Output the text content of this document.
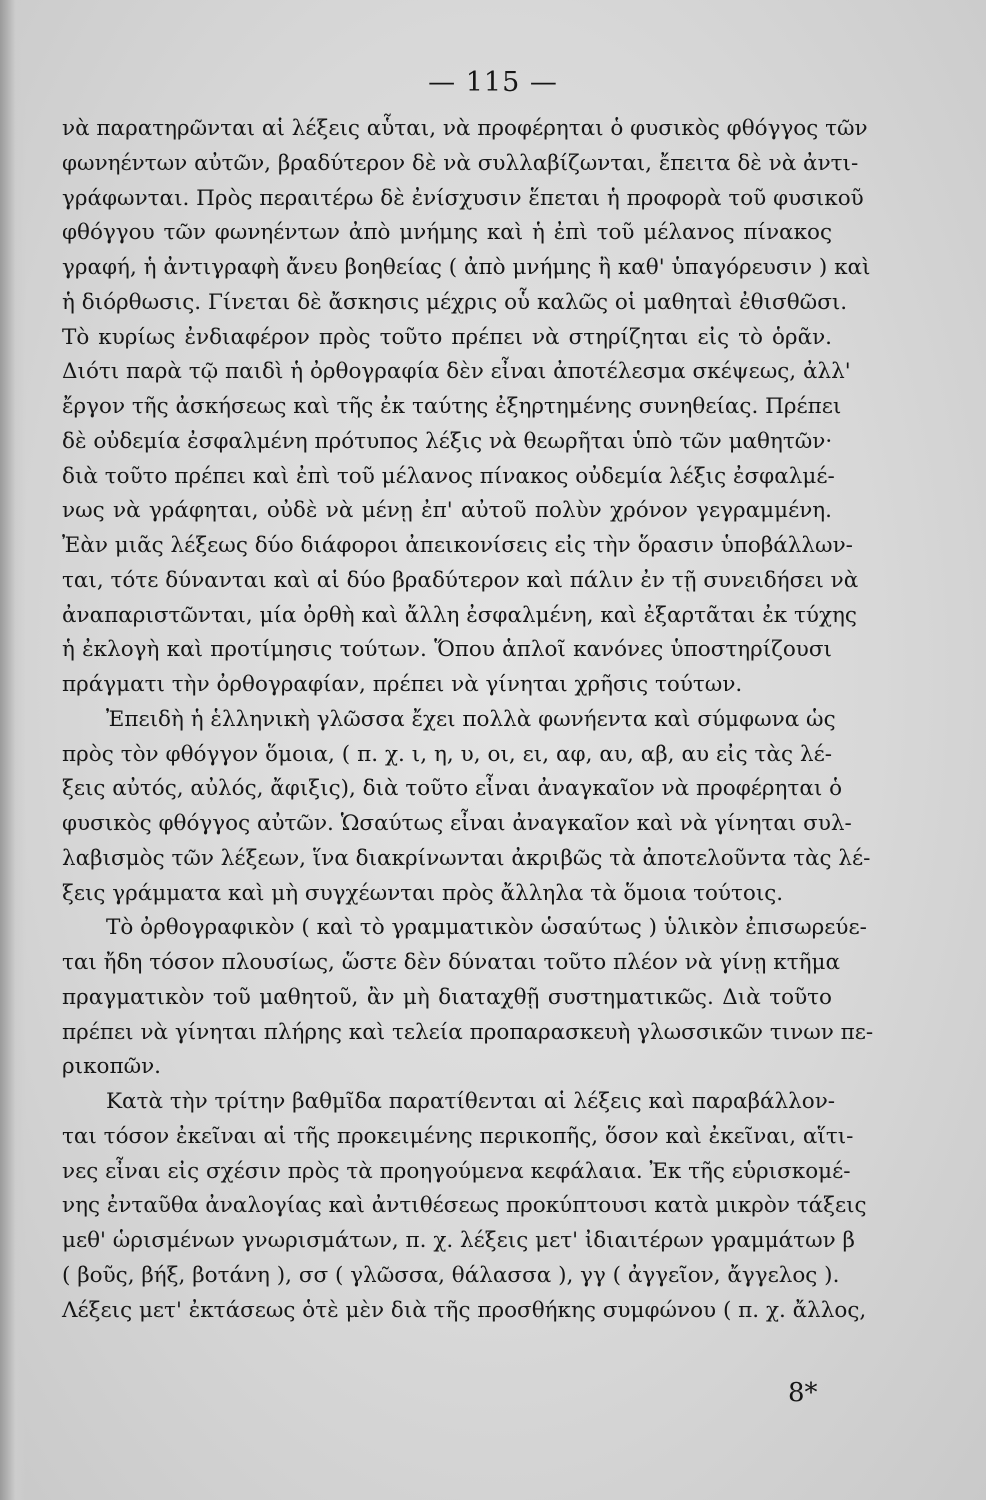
— 115 —
νὰ παρατηρῶνται αἱ λέξεις αὗται, νὰ προφέρηται ὁ φυσικὸς φθόγγος τῶν
φωνηέντων αὐτῶν, βραδύτερον δὲ νὰ συλλαβίζωνται, ἔπειτα δὲ νὰ ἀντι-
γράφωνται. Πρὸς περαιτέρω δὲ ἐνίσχυσιν ἕπεται ἡ προφορὰ τοῦ φυσικοῦ
φθόγγου τῶν φωνηέντων ἀπὸ μνήμης καὶ ἡ ἐπὶ τοῦ μέλανος πίνακος
γραφή, ἡ ἀντιγραφὴ ἄνευ βοηθείας ( ἀπὸ μνήμης ἢ καθ' ὑπαγόρευσιν ) καὶ
ἡ διόρθωσις. Γίνεται δὲ ἄσκησις μέχρις οὗ καλῶς οἱ μαθηταὶ ἐθισθῶσι.
Τὸ κυρίως ἐνδιαφέρον πρὸς τοῦτο πρέπει νὰ στηρίζηται εἰς τὸ ὁρᾶν.
Διότι παρὰ τῷ παιδὶ ἡ ὀρθογραφία δὲν εἶναι ἀποτέλεσμα σκέψεως, ἀλλ'
ἔργον τῆς ἀσκήσεως καὶ τῆς ἐκ ταύτης ἐξηρτημένης συνηθείας. Πρέπει
δὲ οὐδεμία ἐσφαλμένη πρότυπος λέξις νὰ θεωρῆται ὑπὸ τῶν μαθητῶν·
διὰ τοῦτο πρέπει καὶ ἐπὶ τοῦ μέλανος πίνακος οὐδεμία λέξις ἐσφαλμέ-
νως νὰ γράφηται, οὐδὲ νὰ μένῃ ἐπ' αὐτοῦ πολὺν χρόνον γεγραμμένη.
Ἐὰν μιᾶς λέξεως δύο διάφοροι ἀπεικονίσεις εἰς τὴν ὅρασιν ὑποβάλλων-
ται, τότε δύνανται καὶ αἱ δύο βραδύτερον καὶ πάλιν ἐν τῇ συνειδήσει νὰ
ἀναπαριστῶνται, μία ὀρθὴ καὶ ἄλλη ἐσφαλμένη, καὶ ἐξαρτᾶται ἐκ τύχης
ἡ ἐκλογὴ καὶ προτίμησις τούτων. Ὅπου ἁπλοῖ κανόνες ὑποστηρίζουσι
πράγματι τὴν ὀρθογραφίαν, πρέπει νὰ γίνηται χρῆσις τούτων.
Ἐπειδὴ ἡ ἑλληνικὴ γλῶσσα ἔχει πολλὰ φωνήεντα καὶ σύμφωνα ὡς
πρὸς τὸν φθόγγον ὅμοια, ( π. χ. ι, η, υ, οι, ει, αφ, αυ, αβ, αυ εἰς τὰς λέ-
ξεις αὐτός, αὐλός, ἄφιξις), διὰ τοῦτο εἶναι ἀναγκαῖον νὰ προφέρηται ὁ
φυσικὸς φθόγγος αὐτῶν. Ὡσαύτως εἶναι ἀναγκαῖον καὶ νὰ γίνηται συλ-
λαβισμὸς τῶν λέξεων, ἵνα διακρίνωνται ἀκριβῶς τὰ ἀποτελοῦντα τὰς λέ-
ξεις γράμματα καὶ μὴ συγχέωνται πρὸς ἄλληλα τὰ ὅμοια τούτοις.
Τὸ ὀρθογραφικὸν ( καὶ τὸ γραμματικὸν ὡσαύτως ) ὑλικὸν ἐπισωρεύε-
ται ἤδη τόσον πλουσίως, ὥστε δὲν δύναται τοῦτο πλέον νὰ γίνῃ κτῆμα
πραγματικὸν τοῦ μαθητοῦ, ἂν μὴ διαταχθῇ συστηματικῶς. Διὰ τοῦτο
πρέπει νὰ γίνηται πλήρης καὶ τελεία προπαρασκευὴ γλωσσικῶν τινων πε-
ρικοπῶν.
Κατὰ τὴν τρίτην βαθμῖδα παρατίθενται αἱ λέξεις καὶ παραβάλλον-
ται τόσον ἐκεῖναι αἱ τῆς προκειμένης περικοπῆς, ὅσον καὶ ἐκεῖναι, αἵτι-
νες εἶναι εἰς σχέσιν πρὸς τὰ προηγούμενα κεφάλαια. Ἐκ τῆς εὑρισκομέ-
νης ἐνταῦθα ἀναλογίας καὶ ἀντιθέσεως προκύπτουσι κατὰ μικρὸν τάξεις
μεθ' ὡρισμένων γνωρισμάτων, π. χ. λέξεις μετ' ἰδιαιτέρων γραμμάτων β
( βοῦς, βήξ, βοτάνη ), σσ ( γλῶσσα, θάλασσα ), γγ ( ἀγγεῖον, ἄγγελος ).
Λέξεις μετ' ἐκτάσεως ὁτὲ μὲν διὰ τῆς προσθήκης συμφώνου ( π. χ. ἄλλος,
8*
